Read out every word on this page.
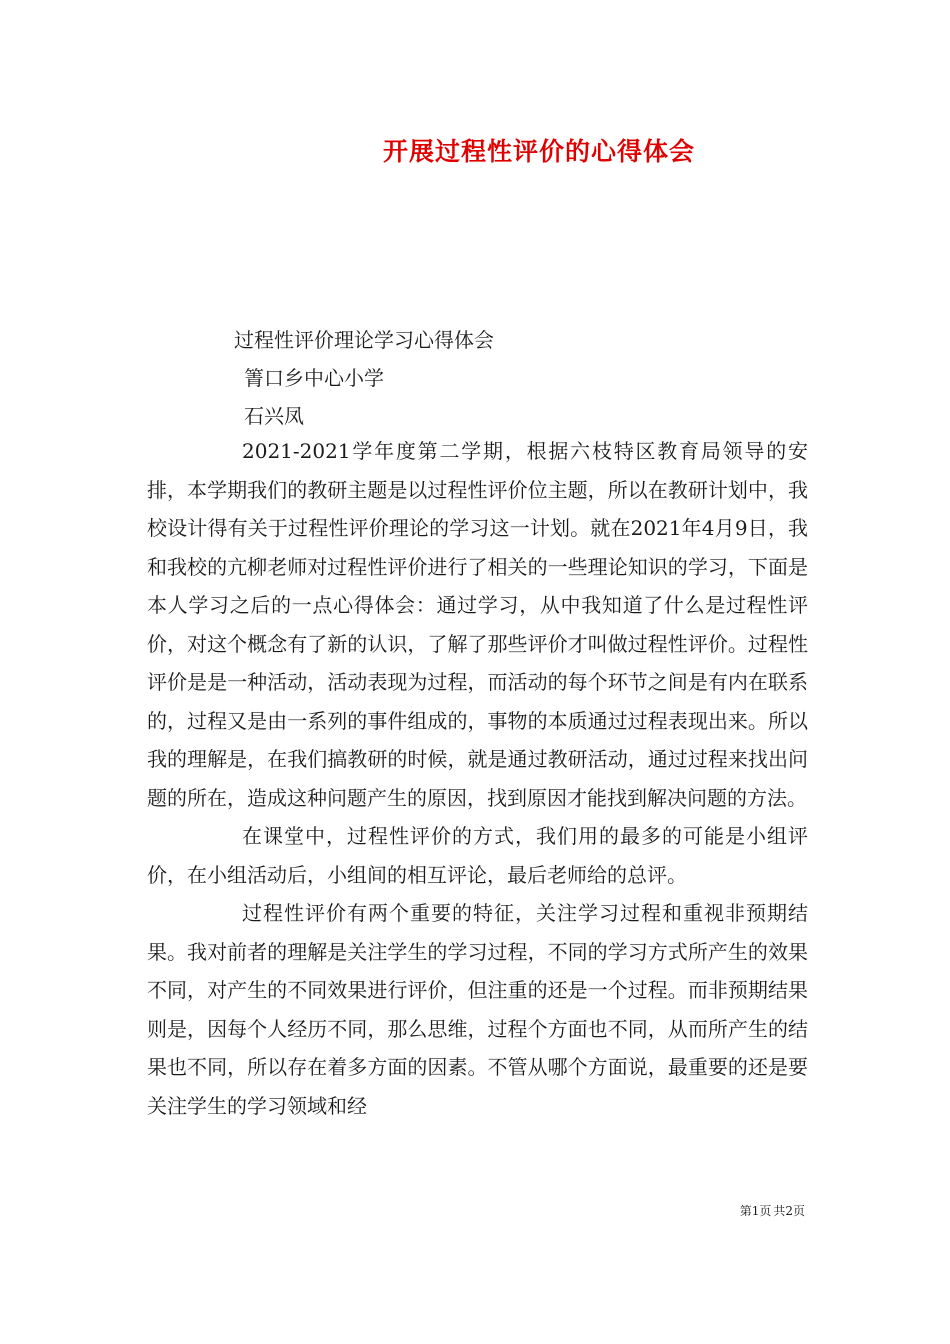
开展过程性评价的心得体会
过程性评价理论学习心得体会
箐口乡中心小学
石兴凤

2021-2021学年度第二学期，根据六枝特区教育局领导的安排，本学期我们的教研主题是以过程性评价位主题，所以在教研计划中，我校设计得有关于过程性评价理论的学习这一计划。就在2021年4月9日，我和我校的亢柳老师对过程性评价进行了相关的一些理论知识的学习，下面是本人学习之后的一点心得体会：通过学习，从中我知道了什么是过程性评价，对这个概念有了新的认识，了解了那些评价才叫做过程性评价。过程性评价是是一种活动，活动表现为过程，而活动的每个环节之间是有内在联系的，过程又是由一系列的事件组成的，事物的本质通过过程表现出来。所以我的理解是，在我们搞教研的时候，就是通过教研活动，通过过程来找出问题的所在，造成这种问题产生的原因，找到原因才能找到解决问题的方法。

在课堂中，过程性评价的方式，我们用的最多的可能是小组评价，在小组活动后，小组间的相互评论，最后老师给的总评。

过程性评价有两个重要的特征，关注学习过程和重视非预期结果。我对前者的理解是关注学生的学习过程，不同的学习方式所产生的效果不同，对产生的不同效果进行评价，但注重的还是一个过程。而非预期结果则是，因每个人经历不同，那么思维，过程个方面也不同，从而所产生的结果也不同，所以存在着多方面的因素。不管从哪个方面说，最重要的还是要关注学生的学习领域和经

第1页 共2页
